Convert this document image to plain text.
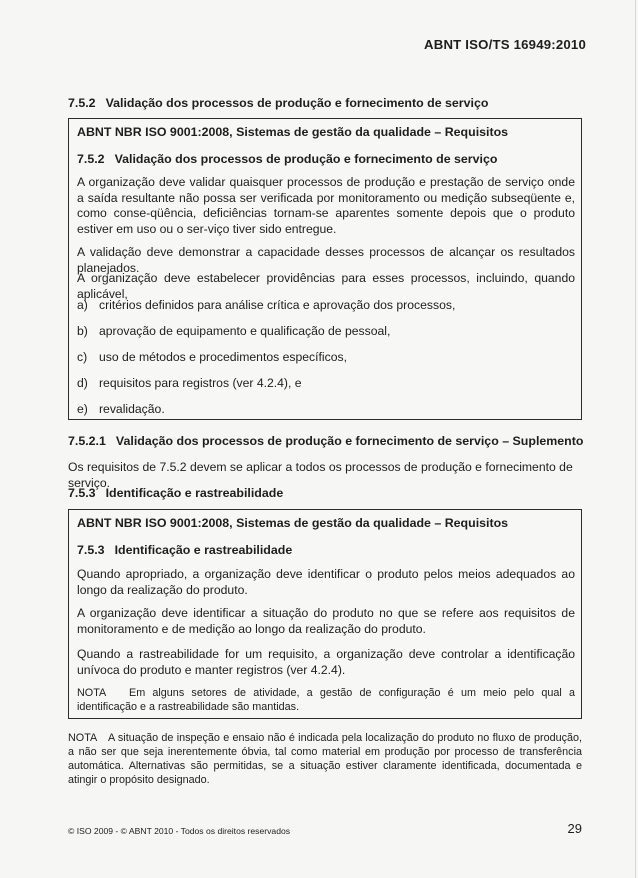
ABNT ISO/TS 16949:2010
7.5.2 Validação dos processos de produção e fornecimento de serviço
ABNT NBR ISO 9001:2008, Sistemas de gestão da qualidade – Requisitos
7.5.2 Validação dos processos de produção e fornecimento de serviço
A organização deve validar quaisquer processos de produção e prestação de serviço onde a saída resultante não possa ser verificada por monitoramento ou medição subseqüente e, como conse-qüência, deficiências tornam-se aparentes somente depois que o produto estiver em uso ou o ser-viço tiver sido entregue.
A validação deve demonstrar a capacidade desses processos de alcançar os resultados planejados.
A organização deve estabelecer providências para esses processos, incluindo, quando aplicável,
a) critérios definidos para análise crítica e aprovação dos processos,
b) aprovação de equipamento e qualificação de pessoal,
c) uso de métodos e procedimentos específicos,
d) requisitos para registros (ver 4.2.4), e
e) revalidação.
7.5.2.1 Validação dos processos de produção e fornecimento de serviço – Suplemento
Os requisitos de 7.5.2 devem se aplicar a todos os processos de produção e fornecimento de serviço.
7.5.3 Identificação e rastreabilidade
ABNT NBR ISO 9001:2008, Sistemas de gestão da qualidade – Requisitos
7.5.3 Identificação e rastreabilidade
Quando apropriado, a organização deve identificar o produto pelos meios adequados ao longo da realização do produto.
A organização deve identificar a situação do produto no que se refere aos requisitos de monitoramento e de medição ao longo da realização do produto.
Quando a rastreabilidade for um requisito, a organização deve controlar a identificação unívoca do produto e manter registros (ver 4.2.4).
NOTA Em alguns setores de atividade, a gestão de configuração é um meio pelo qual a identificação e a rastreabilidade são mantidas.
NOTA A situação de inspeção e ensaio não é indicada pela localização do produto no fluxo de produção, a não ser que seja inerentemente óbvia, tal como material em produção por processo de transferência automática. Alternativas são permitidas, se a situação estiver claramente identificada, documentada e atingir o propósito designado.
© ISO 2009 - © ABNT 2010 - Todos os direitos reservados	29
